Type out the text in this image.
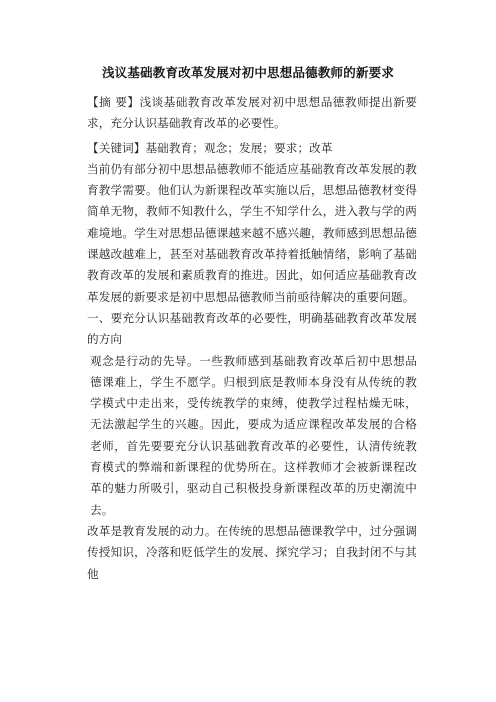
浅议基础教育改革发展对初中思想品德教师的新要求

【摘 要】浅谈基础教育改革发展对初中思想品德教师提出新要求，充分认识基础教育改革的必要性。

【关键词】基础教育；观念；发展；要求；改革

当前仍有部分初中思想品德教师不能适应基础教育改革发展的教育教学需要。他们认为新课程改革实施以后，思想品德教材变得简单无物，教师不知教什么，学生不知学什么，进入教与学的两难境地。学生对思想品德课越来越不感兴趣，教师感到思想品德课越改越难上，甚至对基础教育改革持着抵触情绪，影响了基础教育改革的发展和素质教育的推进。因此，如何适应基础教育改革发展的新要求是初中思想品德教师当前亟待解决的重要问题。

一、要充分认识基础教育改革的必要性，明确基础教育改革发展的方向

观念是行动的先导。一些教师感到基础教育改革后初中思想品德课难上，学生不愿学。归根到底是教师本身没有从传统的教学模式中走出来，受传统教学的束缚，使教学过程枯燥无味，无法激起学生的兴趣。因此，要成为适应课程改革发展的合格老师，首先要要充分认识基础教育改革的必要性，认清传统教育模式的弊端和新课程的优势所在。这样教师才会被新课程改革的魅力所吸引，驱动自己积极投身新课程改革的历史潮流中去。

改革是教育发展的动力。在传统的思想品德课教学中，过分强调传授知识，冷落和贬低学生的发展、探究学习；自我封闭不与其他
